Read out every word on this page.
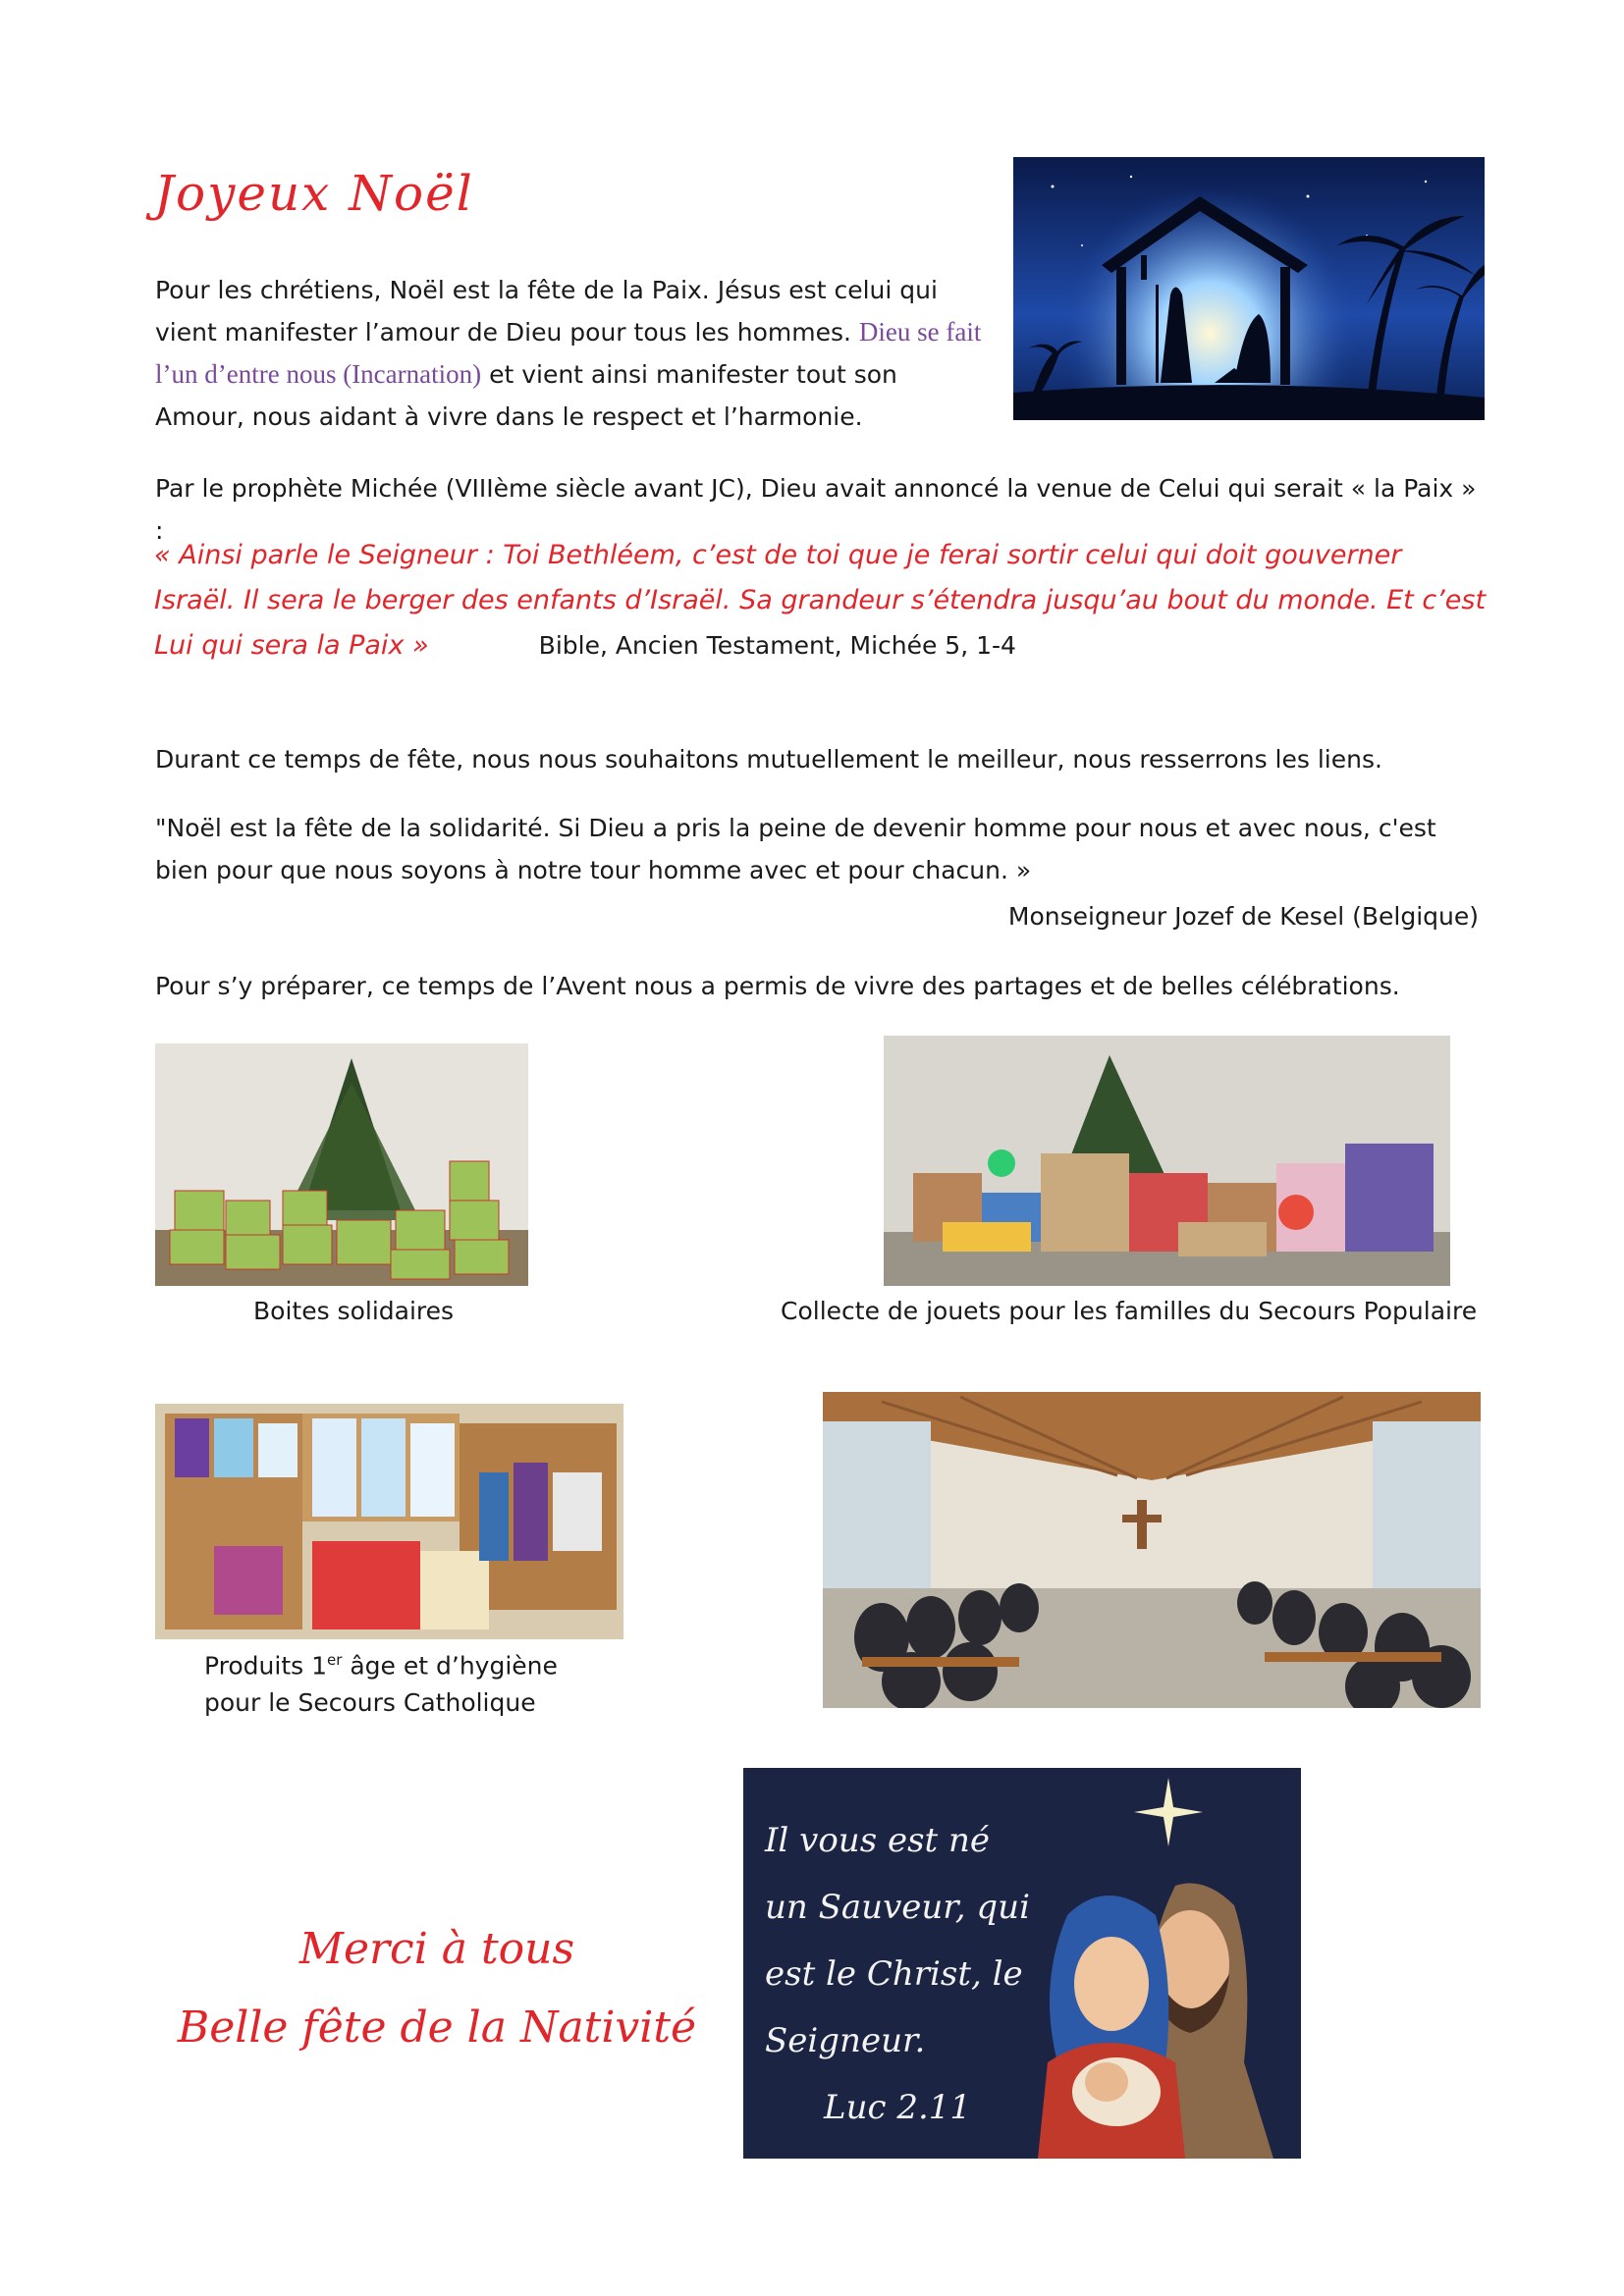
Joyeux Noël
Pour les chrétiens, Noël est la fête de la Paix. Jésus est celui qui vient manifester l’amour de Dieu pour tous les hommes. Dieu se fait l’un d’entre nous (Incarnation) et vient ainsi manifester tout son Amour, nous aidant à vivre dans le respect et l’harmonie.
Par le prophète Michée (VIIIème siècle avant JC), Dieu avait annoncé la venue de Celui qui serait « la Paix » :
« Ainsi parle le Seigneur : Toi Bethléem, c’est de toi que je ferai sortir celui qui doit gouverner Israël. Il sera le berger des enfants d’Israël. Sa grandeur s’étendra jusqu’au bout du monde. Et c’est Lui qui sera la Paix »	Bible, Ancien Testament, Michée 5, 1-4
Durant ce temps de fête, nous nous souhaitons mutuellement le meilleur, nous resserrons les liens.
"Noël est la fête de la solidarité. Si Dieu a pris la peine de devenir homme pour nous et avec nous, c'est bien pour que nous soyons à notre tour homme avec et pour chacun. »
Monseigneur Jozef de Kesel (Belgique)
Pour s’y préparer, ce temps de l’Avent nous a permis de vivre des partages et de belles célébrations.
Boites solidaires	Collecte de jouets pour les familles du Secours Populaire
Produits 1er âge et d’hygiène
pour le Secours Catholique
Merci à tous
Belle fête de la Nativité
Il vous est né
un Sauveur, qui
est le Christ, le
Seigneur.
Luc 2.11
